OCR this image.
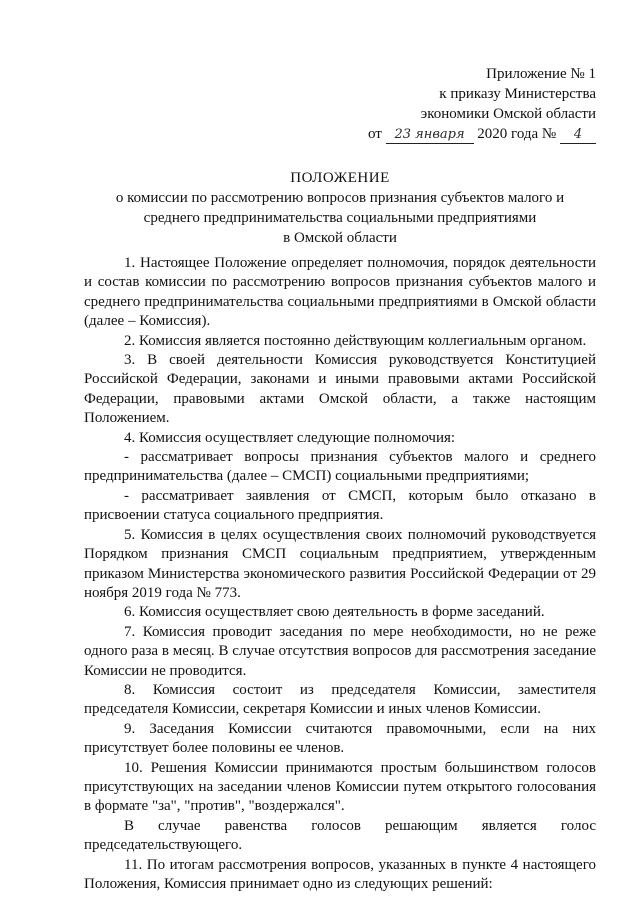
Приложение № 1
к приказу Министерства
экономики Омской области
от 23 января 2020 года № 4
ПОЛОЖЕНИЕ
о комиссии по рассмотрению вопросов признания субъектов малого и
среднего предпринимательства социальными предприятиями
в Омской области

1. Настоящее Положение определяет полномочия, порядок деятельности и состав комиссии по рассмотрению вопросов признания субъектов малого и среднего предпринимательства социальными предприятиями в Омской области (далее – Комиссия).

2. Комиссия является постоянно действующим коллегиальным органом.

3. В своей деятельности Комиссия руководствуется Конституцией Российской Федерации, законами и иными правовыми актами Российской Федерации, правовыми актами Омской области, а также настоящим Положением.

4. Комиссия осуществляет следующие полномочия:

- рассматривает вопросы признания субъектов малого и среднего предпринимательства (далее – СМСП) социальными предприятиями;

- рассматривает заявления от СМСП, которым было отказано в присвоении статуса социального предприятия.

5. Комиссия в целях осуществления своих полномочий руководствуется Порядком признания СМСП социальным предприятием, утвержденным приказом Министерства экономического развития Российской Федерации от 29 ноября 2019 года № 773.

6. Комиссия осуществляет свою деятельность в форме заседаний.

7. Комиссия проводит заседания по мере необходимости, но не реже одного раза в месяц. В случае отсутствия вопросов для рассмотрения заседание Комиссии не проводится.

8. Комиссия состоит из председателя Комиссии, заместителя председателя Комиссии, секретаря Комиссии и иных членов Комиссии.

9. Заседания Комиссии считаются правомочными, если на них присутствует более половины ее членов.

10. Решения Комиссии принимаются простым большинством голосов присутствующих на заседании членов Комиссии путем открытого голосования в формате "за", "против", "воздержался".

В случае равенства голосов решающим является голос председательствующего.

11. По итогам рассмотрения вопросов, указанных в пункте 4 настоящего Положения, Комиссия принимает одно из следующих решений:
